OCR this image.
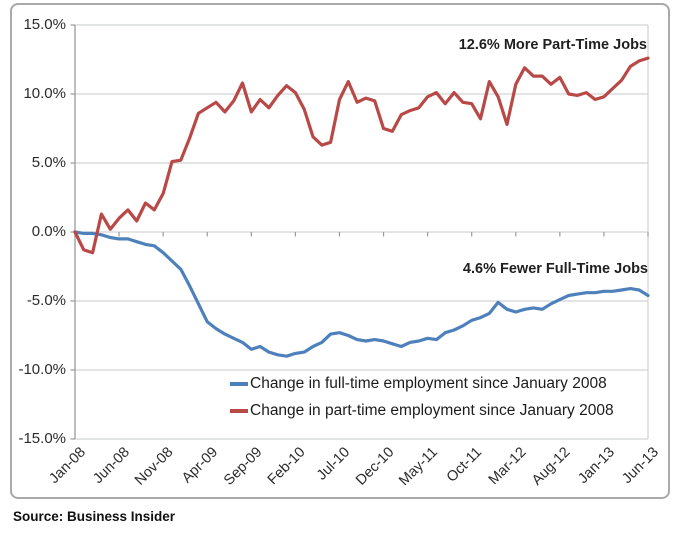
15.0%
10.0%
5.0%
0.0%
-5.0%
-10.0%
-15.0%
Jan-08 Jun-08 Nov-08 Apr-09 Sep-09 Feb-10 Jul-10 Dec-10 May-11 Oct-11 Mar-12 Aug-12 Jan-13 Jun-13
12.6% More Part-Time Jobs
4.6% Fewer Full-Time Jobs
Change in full-time employment since January 2008
Change in part-time employment since January 2008
Source: Business Insider
